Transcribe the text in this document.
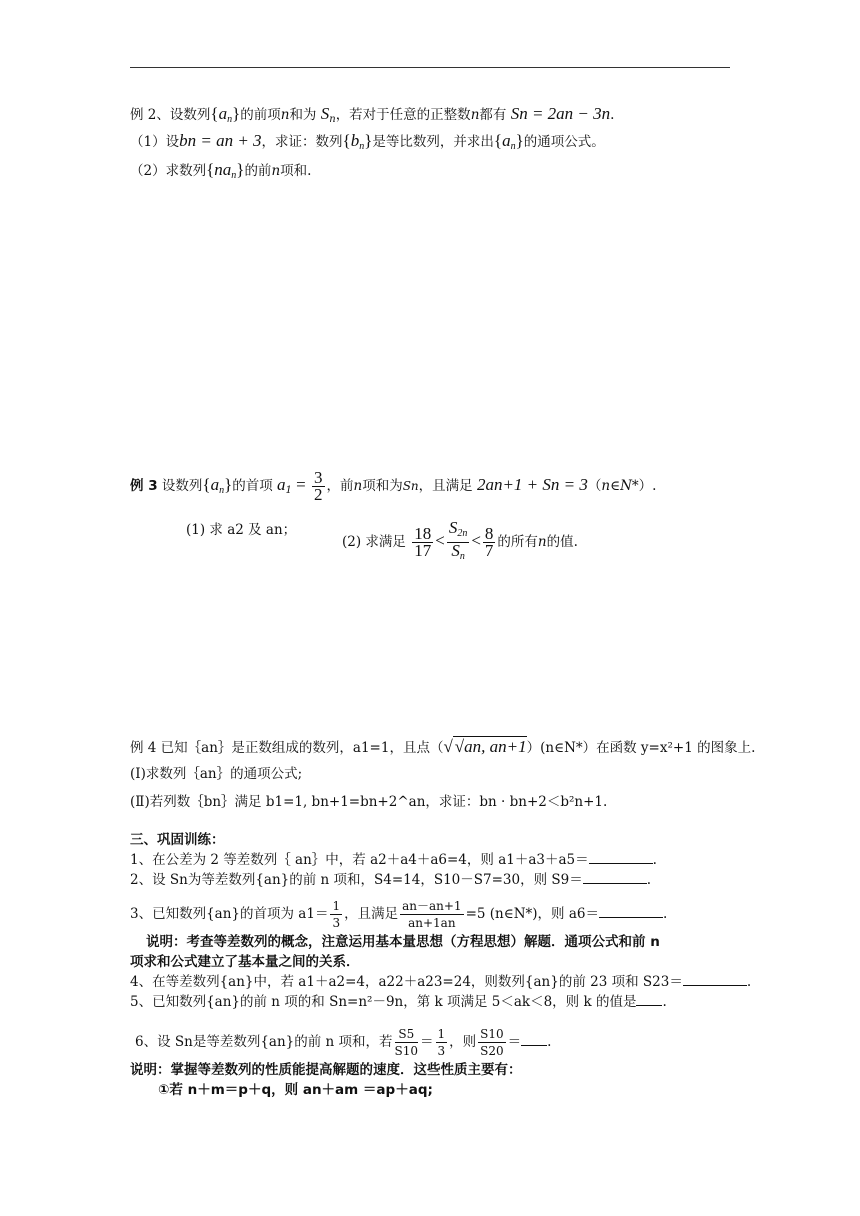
例 2、设数列$\{a_n\}$的前项n和为 $S_n$，若对于任意的正整数n都有 Sn = 2an − 3n.
（1）设bn = an + 3，求证：数列$\{b_n\}$是等比数列，并求出$\{a_n\}$的通项公式。
（2）求数列$\{na_n\}$的前n项和.
例 3 设数列$\{a_n\}$的首项 $a_1 = \frac{3}{2}$ ，前n项和为Sn，且满足 2an+1 + Sn = 3（n∈N*）.
(1) 求 a2 及 an；
(2) 求满足 $\frac{18}{17} < \frac{S_{2n}}{S_n} < \frac{8}{7}$ 的所有n的值.
例 4 已知｛an｝是正数组成的数列，a1=1，且点（√ √an, an+1）(n∈N*）在函数 y=x²+1 的图象上.
(Ⅰ)求数列｛an｝的通项公式;
(Ⅱ)若列数｛bn｝满足 b1=1, bn+1=bn+2^an，求证：bn · bn+2＜b²n+1.
三、巩固训练：
1、在公差为 2 等差数列｛ an｝中，若 a2＋a4＋a6=4，则 a1＋a3＋a5＝	.
2、设 Sn为等差数列{an}的前 n 项和，S4=14，S10－S7=30，则 S9＝	.
3、已知数列{an}的首项为 $a1= \frac{1}{3}$ ，且满足 $\frac{an-an+1}{an+1an} =5$ (n∈N*)，则 a6＝	.
说明：考查等差数列的概念，注意运用基本量思想（方程思想）解题．通项公式和前 n
项求和公式建立了基本量之间的关系．
4、在等差数列{an}中，若 a1＋a2=4，a22＋a23=24，则数列{an}的前 23 项和 S23＝	.
5、已知数列{an}的前 n 项的和 Sn=n²－9n，第 k 项满足 5＜ak＜8，则 k 的值是 .
6、设 Sn是等差数列{an}的前 n 项和，若 $\frac{S5}{S10} = \frac{1}{3}$ ，则 $\frac{S10}{S20}$ ＝ .
说明：掌握等差数列的性质能提高解题的速度．这些性质主要有：
①若 n＋m＝p＋q，则 an＋am ＝ap＋aq;
